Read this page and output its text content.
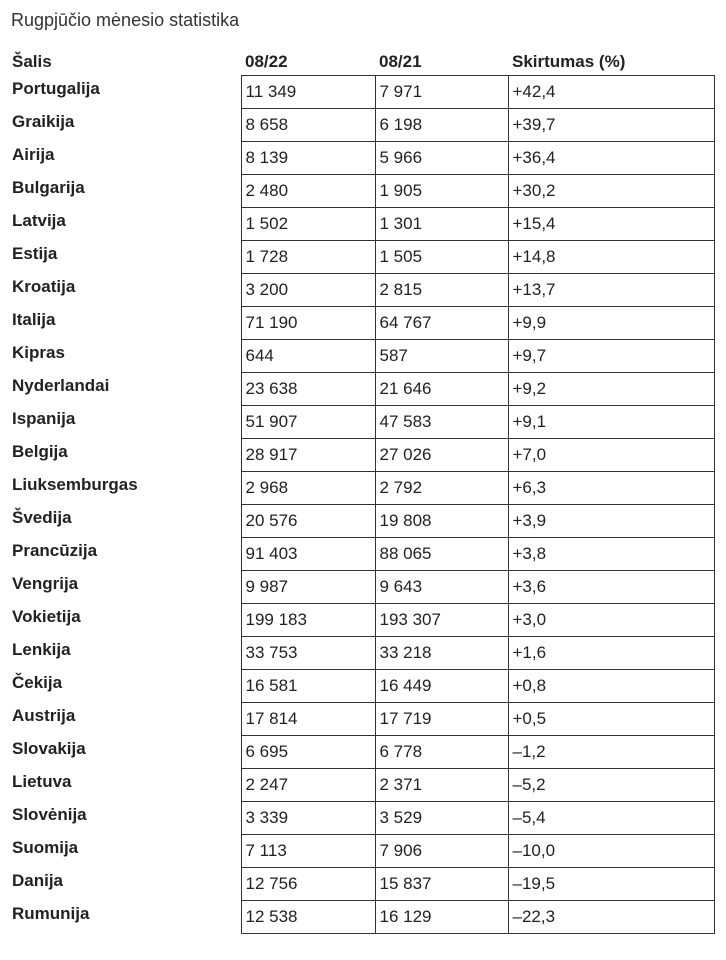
Rugpjūčio mėnesio statistika
Šalis	08/22	08/21	Skirtumas (%)
Portugalija	11 349	7 971	+42,4
Graikija	8 658	6 198	+39,7
Airija	8 139	5 966	+36,4
Bulgarija	2 480	1 905	+30,2
Latvija	1 502	1 301	+15,4
Estija	1 728	1 505	+14,8
Kroatija	3 200	2 815	+13,7
Italija	71 190	64 767	+9,9
Kipras	644	587	+9,7
Nyderlandai	23 638	21 646	+9,2
Ispanija	51 907	47 583	+9,1
Belgija	28 917	27 026	+7,0
Liuksemburgas	2 968	2 792	+6,3
Švedija	20 576	19 808	+3,9
Prancūzija	91 403	88 065	+3,8
Vengrija	9 987	9 643	+3,6
Vokietija	199 183	193 307	+3,0
Lenkija	33 753	33 218	+1,6
Čekija	16 581	16 449	+0,8
Austrija	17 814	17 719	+0,5
Slovakija	6 695	6 778	–1,2
Lietuva	2 247	2 371	–5,2
Slovėnija	3 339	3 529	–5,4
Suomija	7 113	7 906	–10,0
Danija	12 756	15 837	–19,5
Rumunija	12 538	16 129	–22,3
